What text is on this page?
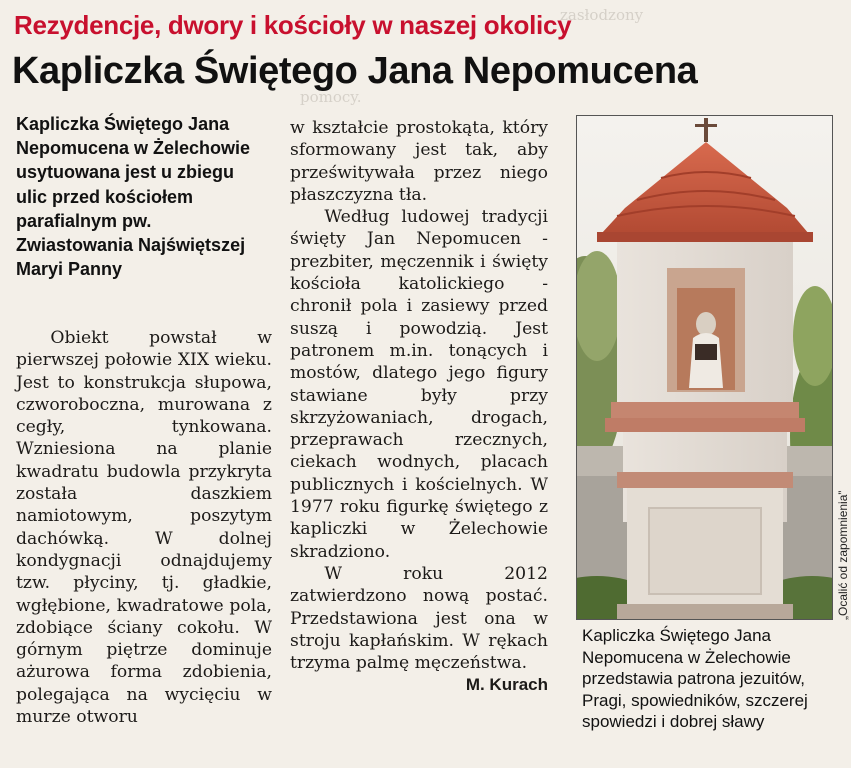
zasłodzony
pomocy.
Rezydencje, dwory i kościoły w naszej okolicy
Kapliczka Świętego Jana Nepomucena
Kapliczka Świętego Jana Nepomucena w Żelechowie usytuowana jest u zbiegu ulic przed kościołem parafialnym pw. Zwiastowania Najświętszej Maryi Panny

Obiekt powstał w pierwszej połowie XIX wieku. Jest to konstrukcja słupowa, czworoboczna, murowana z cegły, tynkowana. Wzniesiona na planie kwadratu budowla przykryta została daszkiem namiotowym, poszytym dachówką. W dolnej kondygnacji odnajdujemy tzw. płyciny, tj. gładkie, wgłębione, kwadratowe pola, zdobiące ściany cokołu. W górnym piętrze dominuje ażurowa forma zdobienia, polegająca na wycięciu w murze otworu

w kształcie prostokąta, który sformowany jest tak, aby prześwitywała przez niego płaszczyzna tła.

Według ludowej tradycji święty Jan Nepomucen - prezbiter, męczennik i święty kościoła katolickiego - chronił pola i zasiewy przed suszą i powodzią. Jest patronem m.in. tonących i mostów, dlatego jego figury stawiane były przy skrzyżowaniach, drogach, przeprawach rzecznych, ciekach wodnych, placach publicznych i kościelnych. W 1977 roku figurkę świętego z kapliczki w Żelechowie skradziono.

W roku 2012 zatwierdzono nową postać. Przedstawiona jest ona w stroju kapłańskim. W rękach trzyma palmę męczeństwa.

M. Kurach
„Ocalić od zapomnienia”
Kapliczka Świętego Jana Nepomucena w Żelechowie przedstawia patrona jezuitów, Pragi, spowiedników, szczerej spowiedzi i dobrej sławy
